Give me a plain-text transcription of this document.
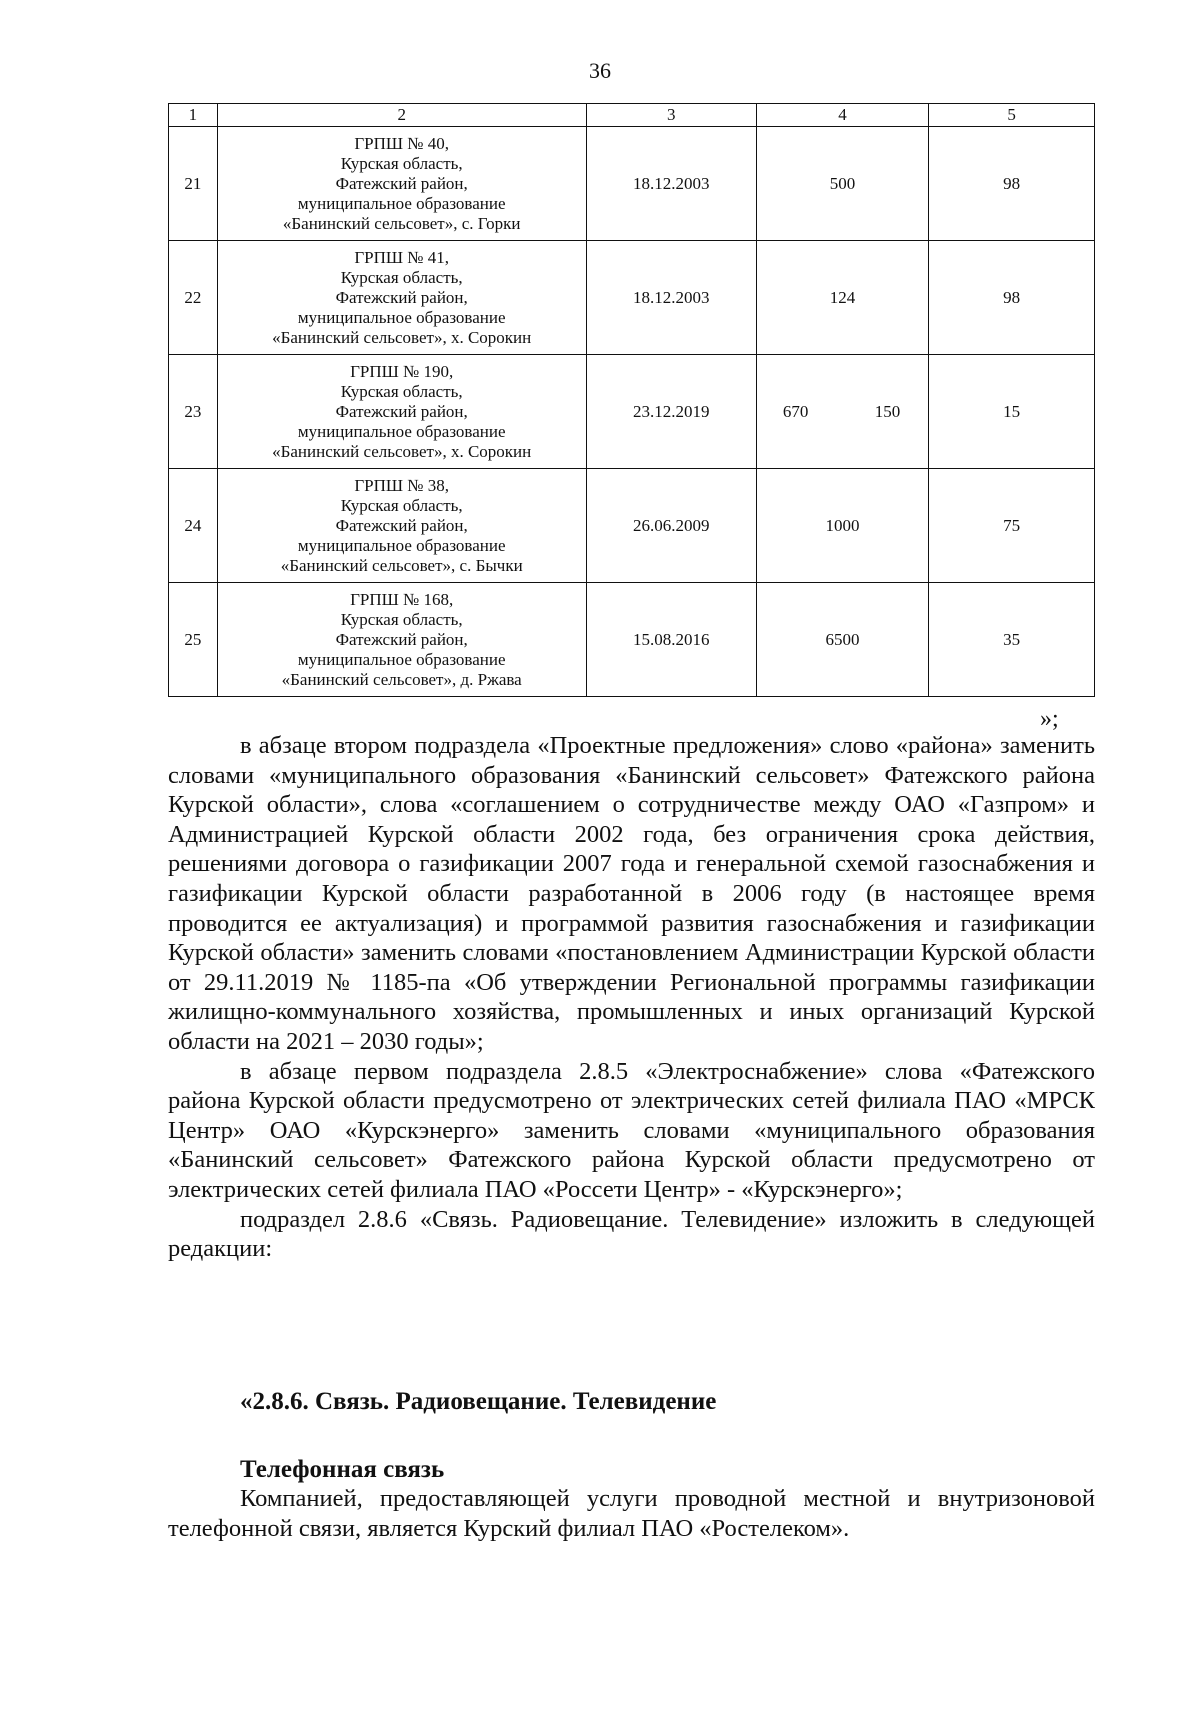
36
1	2	3	4	5
21	ГРПШ № 40,
Курская область,
Фатежский район,
муниципальное образование
«Банинский сельсовет», с. Горки	18.12.2003	500	98
22	ГРПШ № 41,
Курская область,
Фатежский район,
муниципальное образование
«Банинский сельсовет», х. Сорокин	18.12.2003	124	98
23	ГРПШ № 190,
Курская область,
Фатежский район,
муниципальное образование
«Банинский сельсовет», х. Сорокин	23.12.2019	670 150	15
24	ГРПШ № 38,
Курская область,
Фатежский район,
муниципальное образование
«Банинский сельсовет», с. Бычки	26.06.2009	1000	75
25	ГРПШ № 168,
Курская область,
Фатежский район,
муниципальное образование
«Банинский сельсовет», д. Ржава	15.08.2016	6500	35
»;

в абзаце втором подраздела «Проектные предложения» слово «района» заменить словами «муниципального образования «Банинский сельсовет» Фатежского района Курской области», слова «соглашением о сотрудничестве между ОАО «Газпром» и Администрацией Курской области 2002 года, без ограничения срока действия, решениями договора о газификации 2007 года и генеральной схемой газоснабжения и газификации Курской области разработанной в 2006 году (в настоящее время проводится ее актуализация) и программой развития газоснабжения и газификации Курской области» заменить словами «постановлением Администрации Курской области от 29.11.2019 № 1185-па «Об утверждении Региональной программы газификации жилищно-коммунального хозяйства, промышленных и иных организаций Курской области на 2021 – 2030 годы»;

в абзаце первом подраздела 2.8.5 «Электроснабжение» слова «Фатежского района Курской области предусмотрено от электрических сетей филиала ПАО «МРСК Центр» ОАО «Курскэнерго» заменить словами «муниципального образования «Банинский сельсовет» Фатежского района Курской области предусмотрено от электрических сетей филиала ПАО «Россети Центр» - «Курскэнерго»;

подраздел 2.8.6 «Связь. Радиовещание. Телевидение» изложить в следующей редакции:

«2.8.6. Связь. Радиовещание. Телевидение
Телефонная связь

Компанией, предоставляющей услуги проводной местной и внутризоновой телефонной связи, является Курский филиал ПАО «Ростелеком».
